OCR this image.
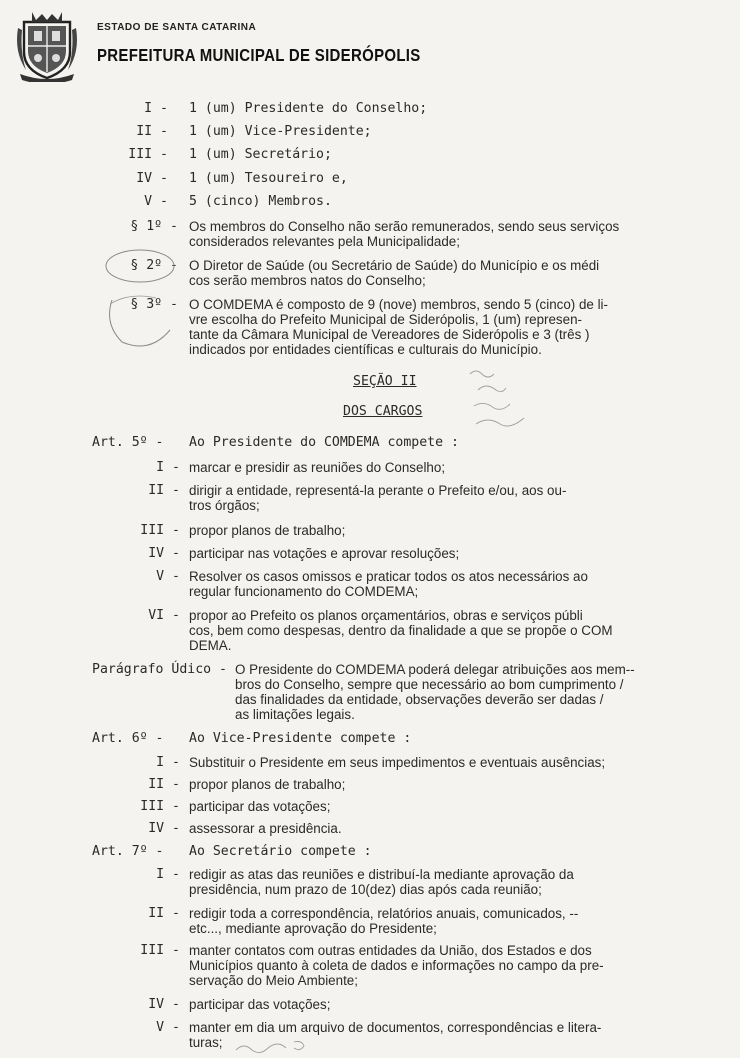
ESTADO DE SANTA CATARINA
PREFEITURA MUNICIPAL DE SIDERÓPOLIS
I - 1 (um) Presidente do Conselho;
II - 1 (um) Vice-Presidente;
III - 1 (um) Secretário;
IV - 1 (um) Tesoureiro e,
V - 5 (cinco) Membros.
§ 1º - Os membros do Conselho não serão remunerados, sendo seus serviços
considerados relevantes pela Municipalidade;
§ 2º - O Diretor de Saúde (ou Secretário de Saúde) do Município e os médi
cos serão membros natos do Conselho;
§ 3º - O COMDEMA é composto de 9 (nove) membros, sendo 5 (cinco) de li-
vre escolha do Prefeito Municipal de Siderópolis, 1 (um) represen-
tante da Câmara Municipal de Vereadores de Siderópolis e 3 (três )
indicados por entidades científicas e culturais do Município.
SEÇÃO II
DOS CARGOS
Art. 5º - Ao Presidente do COMDEMA compete :
I - marcar e presidir as reuniões do Conselho;
II - dirigir a entidade, representá-la perante o Prefeito e/ou, aos ou-
tros órgãos;
III - propor planos de trabalho;
IV - participar nas votações e aprovar resoluções;
V - Resolver os casos omissos e praticar todos os atos necessários ao
regular funcionamento do COMDEMA;
VI - propor ao Prefeito os planos orçamentários, obras e serviços públi
cos, bem como despesas, dentro da finalidade a que se propõe o COM
DEMA.
Parágrafo Údico - O Presidente do COMDEMA poderá delegar atribuições aos mem--
bros do Conselho, sempre que necessário ao bom cumprimento /
das finalidades da entidade, observações deverão ser dadas /
as limitações legais.
Art. 6º - Ao Vice-Presidente compete :
I - Substituir o Presidente em seus impedimentos e eventuais ausências;
II - propor planos de trabalho;
III - participar das votações;
IV - assessorar a presidência.
Art. 7º - Ao Secretário compete :
I - redigir as atas das reuniões e distribuí-la mediante aprovação da
presidência, num prazo de 10(dez) dias após cada reunião;
II - redigir toda a correspondência, relatórios anuais, comunicados, --
etc..., mediante aprovação do Presidente;
III - manter contatos com outras entidades da União, dos Estados e dos
Municípios quanto à coleta de dados e informações no campo da pre-
servação do Meio Ambiente;
IV - participar das votações;
V - manter em dia um arquivo de documentos, correspondências e litera-
turas;
